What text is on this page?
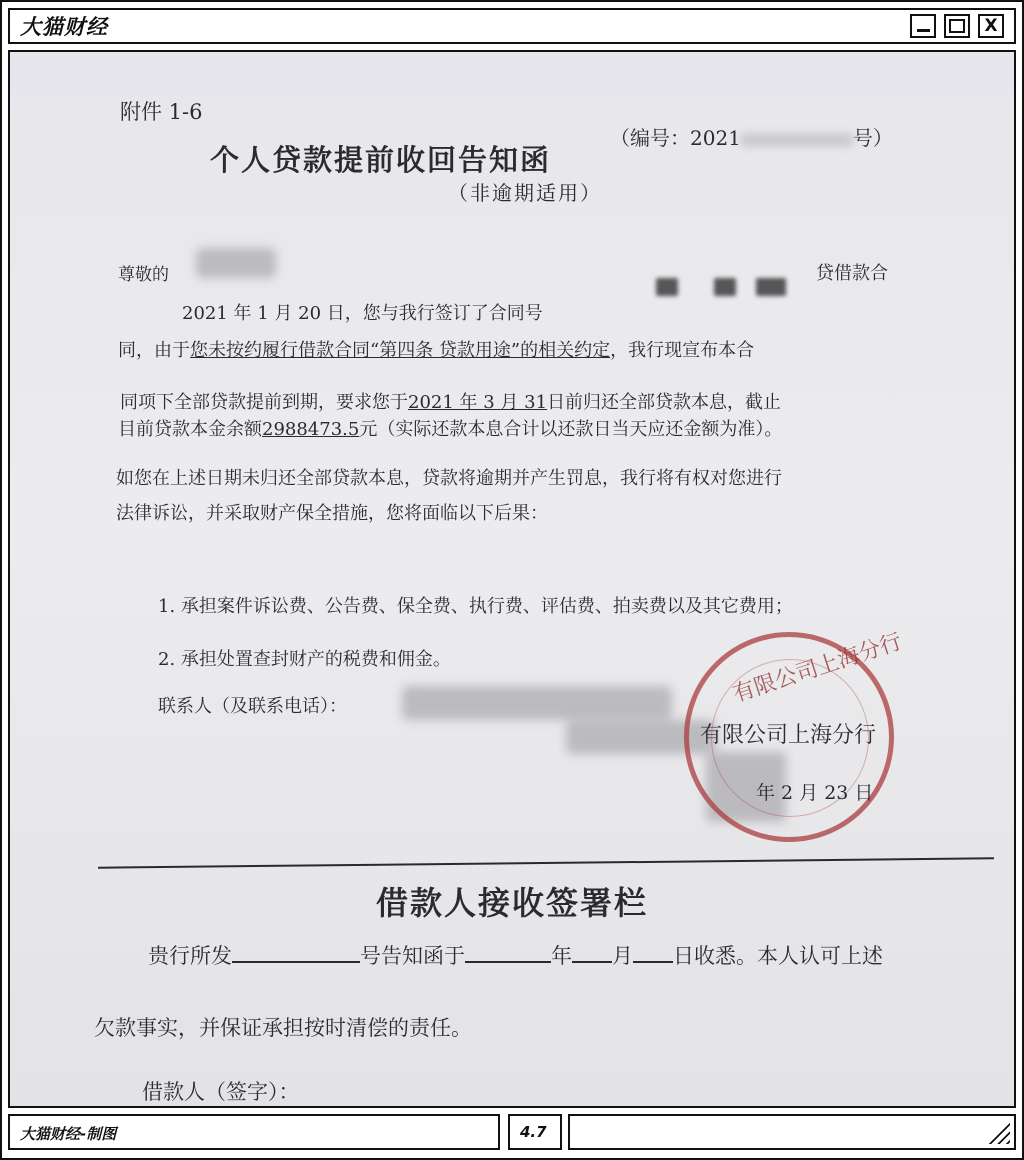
大猫财经	X
附件 1-6
个人贷款提前收回告知函
（编号：2021	号）
（非逾期适用）
尊敬的	贷借款合
2021 年 1 月 20 日，您与我行签订了合同号
同，由于您未按约履行借款合同“第四条 贷款用途”的相关约定，我行现宣布本合
同项下全部贷款提前到期，要求您于2021 年 3 月 31日前归还全部贷款本息，截止
目前贷款本金余额2988473.5元（实际还款本息合计以还款日当天应还金额为准）。
如您在上述日期未归还全部贷款本息，贷款将逾期并产生罚息，我行将有权对您进行
法律诉讼，并采取财产保全措施，您将面临以下后果：
1. 承担案件诉讼费、公告费、保全费、执行费、评估费、拍卖费以及其它费用；
2. 承担处置查封财产的税费和佣金。
联系人（及联系电话）：	有限公司上海分行
有限公司上海分行
年 2 月 23 日
借款人接收签署栏
贵行所发	号告知函于	年 月 日收悉。本人认可上述
欠款事实，并保证承担按时清偿的责任。
借款人（签字）：
大猫财经-制图	4.7
